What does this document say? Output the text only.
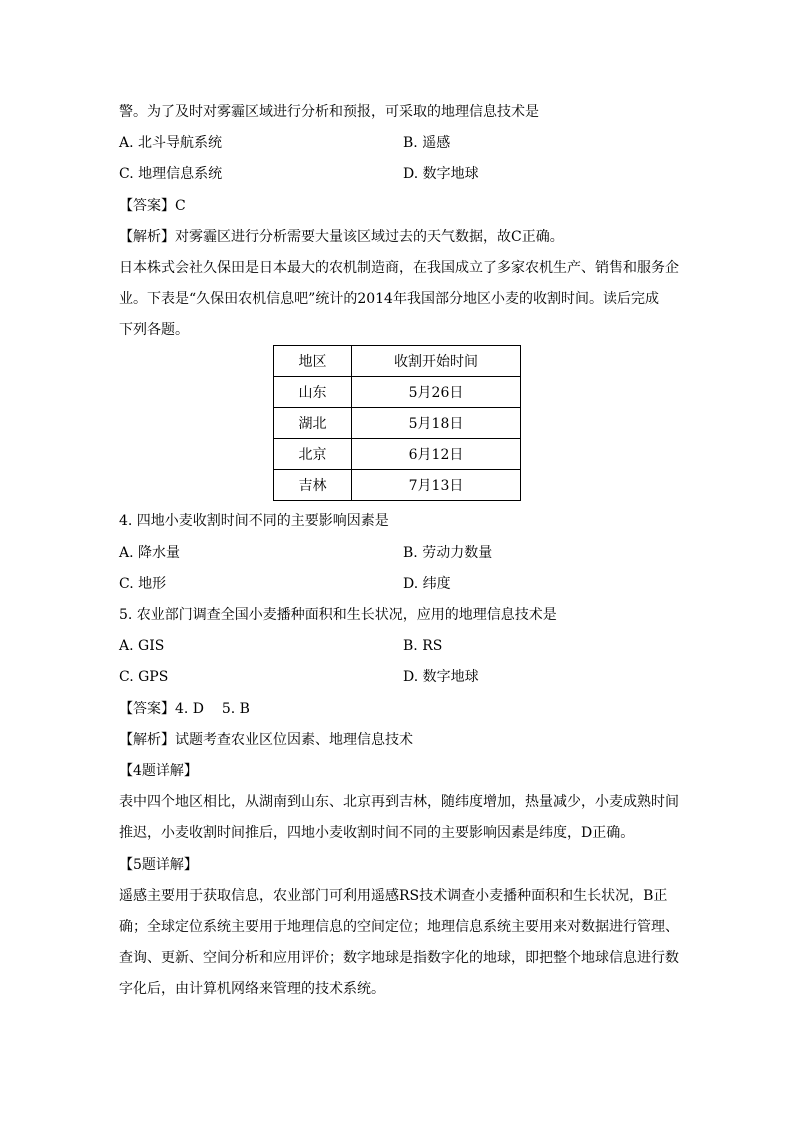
警。为了及时对雾霾区域进行分析和预报，可采取的地理信息技术是
A. 北斗导航系统	B. 遥感
C. 地理信息系统	D. 数字地球
【答案】C
【解析】对雾霾区进行分析需要大量该区域过去的天气数据，故C正确。
日本株式会社久保田是日本最大的农机制造商，在我国成立了多家农机生产、销售和服务企
业。下表是“久保田农机信息吧”统计的2014年我国部分地区小麦的收割时间。读后完成
下列各题。
地区	收割开始时间
山东	5月26日
湖北	5月18日
北京	6月12日
吉林	7月13日
4. 四地小麦收割时间不同的主要影响因素是
A. 降水量	B. 劳动力数量
C. 地形	D. 纬度
5. 农业部门调查全国小麦播种面积和生长状况，应用的地理信息技术是
A. GIS	B. RS
C. GPS	D. 数字地球
【答案】4. D    5. B
【解析】试题考查农业区位因素、地理信息技术
【4题详解】
表中四个地区相比，从湖南到山东、北京再到吉林，随纬度增加，热量减少，小麦成熟时间
推迟，小麦收割时间推后，四地小麦收割时间不同的主要影响因素是纬度，D正确。
【5题详解】
遥感主要用于获取信息，农业部门可利用遥感RS技术调查小麦播种面积和生长状况，B正
确；全球定位系统主要用于地理信息的空间定位；地理信息系统主要用来对数据进行管理、
查询、更新、空间分析和应用评价；数字地球是指数字化的地球，即把整个地球信息进行数
字化后，由计算机网络来管理的技术系统。
